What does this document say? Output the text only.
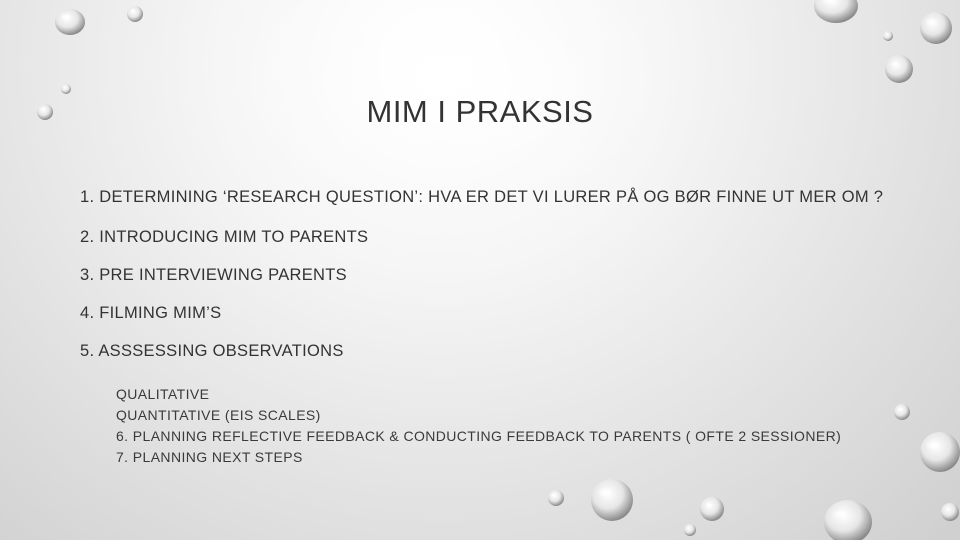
MIM I PRAKSIS

1. DETERMINING ‘RESEARCH QUESTION’: HVA ER DET VI LURER PÅ OG BØR FINNE UT MER OM ?

2. INTRODUCING MIM TO PARENTS

3. PRE INTERVIEWING PARENTS

4. FILMING MIM’S

5. ASSSESSING OBSERVATIONS

QUALITATIVE

QUANTITATIVE (EIS SCALES)

6. PLANNING REFLECTIVE FEEDBACK & CONDUCTING FEEDBACK TO PARENTS ( OFTE 2 SESSIONER)

7. PLANNING NEXT STEPS
